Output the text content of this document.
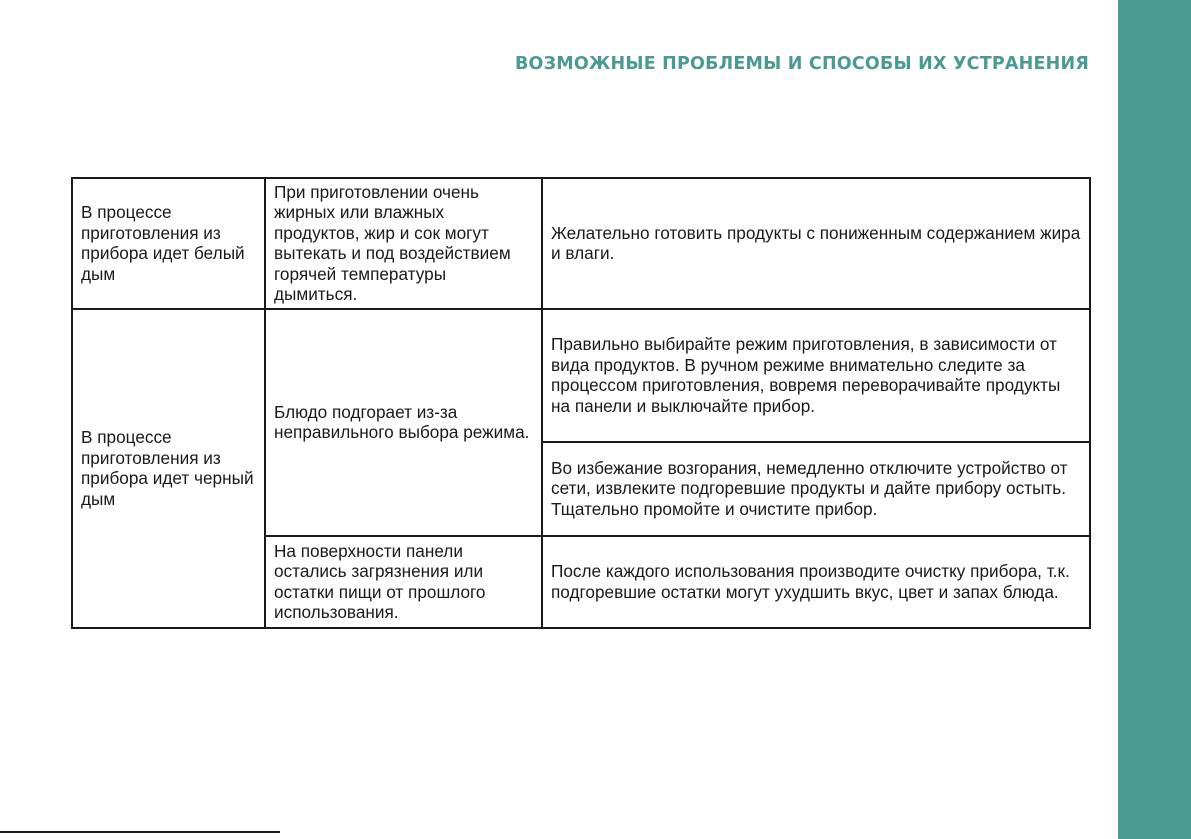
ВОЗМОЖНЫЕ ПРОБЛЕМЫ И СПОСОБЫ ИХ УСТРАНЕНИЯ
В процессе приготовления из прибора идет белый дым	При приготовлении очень жирных или влажных продуктов, жир и сок могут вытекать и под воздействием горячей температуры дымиться.	Желательно готовить продукты с пониженным содержанием жира и влаги.
В процессе приготовления из прибора идет черный дым	Блюдо подгорает из-за неправильного выбора режима.	Правильно выбирайте режим приготовления, в зависимости от вида продуктов. В ручном режиме внимательно следите за процессом приготовления, вовремя переворачивайте продукты на панели и выключайте прибор.
		Во избежание возгорания, немедленно отключите устройство от сети, извлеките подгоревшие продукты и дайте прибору остыть. Тщательно промойте и очистите прибор.
	На поверхности панели остались загрязнения или остатки пищи от прошлого использования.	После каждого использования производите очистку прибора, т.к. подгоревшие остатки могут ухудшить вкус, цвет и запах блюда.
